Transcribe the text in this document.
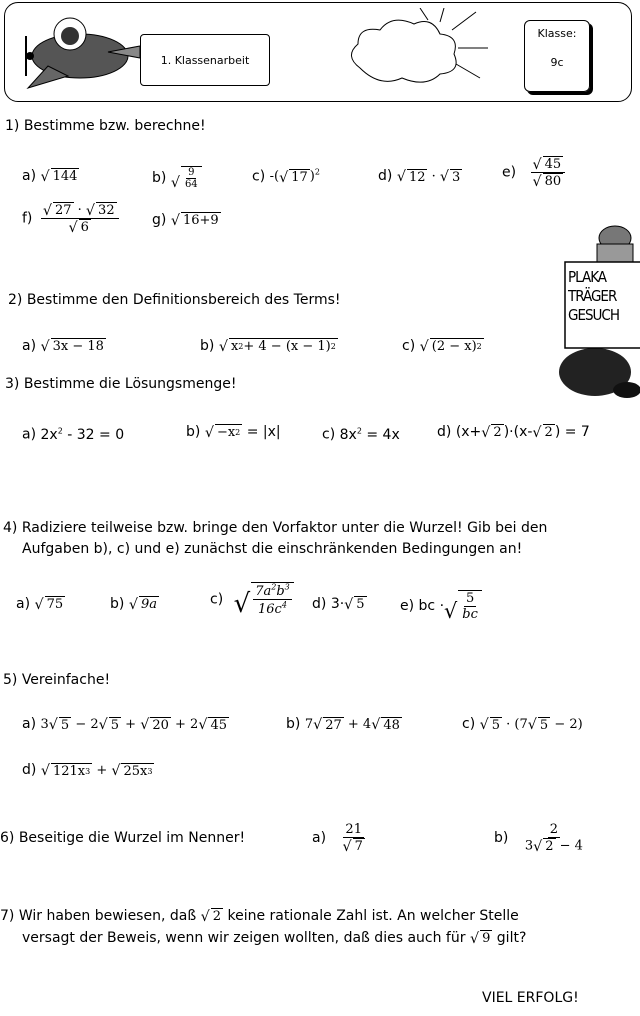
1. Klassenarbeit
Klasse:
9c
PLAKA
TRÄGER
GESUCH
1) Bestimme bzw. berechne!
a) √ 144	b) √ $\frac{9}{64}$	c) -( √ 17 )$^2$	d) √ 12 · √ 3	$e) \frac{√ 45}{√ 80}$
$f) \frac{√ 27 \cdot √ 32}{√ 6} g$) √ 16+9
2) Bestimme den Definitionsbereich des Terms!
a) √ 3x − 18	b) √ x 2 + 4 − (x − 1) 2	c) √ (2 − x) 2
3) Bestimme die Lösungsmenge!
a) $2x^2 - 32 = 0$	b) √ −x 2 = |x|	c) $8x^2 = 4x$	d) (x+ √ 2 )·(x- √ 2 ) = 7
4) Radiziere teilweise bzw. bringe den Vorfaktor unter die Wurzel! Gib bei den
Aufgaben b), c) und e) zunächst die einschränkenden Bedingungen an!
a) √ 75	b) √ 9a	c) √ $\frac{7a^2b^3}{16c^4} d$) 3· √ 5	e) bc · √ $\frac{5}{bc}$
5) Vereinfache!
a) 3 √ 5 − 2 √ 5 + √ 20 + 2 √ 45	b) 7 √ 27 + 4 √ 48	c) √ 5 · (7 √ 5 − 2)
d) √ 121x 3 + √ 25x 3
6) Beseitige die Wurzel im Nenner!	$a) \frac{21}{√ 7}$	$b) \frac{2}{3 √ 2 - 4}$
7) Wir haben bewiesen, daß √ 2 keine rationale Zahl ist. An welcher Stelle
versagt der Beweis, wenn wir zeigen wollten, daß dies auch für √ 9 gilt?
VIEL ERFOLG!
